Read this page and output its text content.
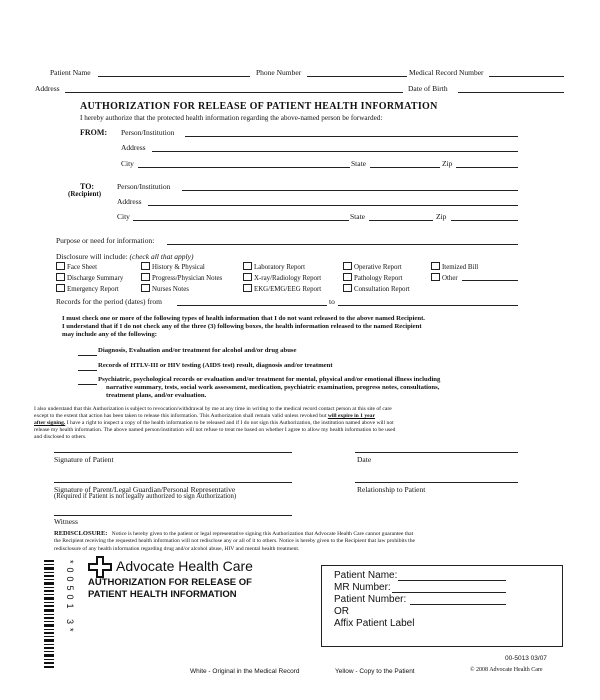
Patient Name	Phone Number	Medical Record Number
Address	Date of Birth
AUTHORIZATION FOR RELEASE OF PATIENT HEALTH INFORMATION
I hereby authorize that the protected health information regarding the above-named person be forwarded:
FROM: Person/Institution
Address
City	State	Zip
TO:
(Recipient)
Person/Institution
Address
City	State	Zip
Purpose or need for information:
Disclosure will include: (check all that apply)
Face Sheet	History & Physical	Laboratory Report	Operative Report	Itemized Bill
Discharge Summary	Progress/Physician Notes	X-ray/Radiology Report	Pathology Report	Other
Emergency Report	Nurses Notes	EKG/EMG/EEG Report	Consultation Report
Records for the period (dates) from	to
I must check one or more of the following types of health information that I do not want released to the above named Recipient.
I understand that if I do not check any of the three (3) following boxes, the health information released to the named Recipient
may include any of the following:
Diagnosis, Evaluation and/or treatment for alcohol and/or drug abuse
Records of HTLV-III or HIV testing (AIDS test) result, diagnosis and/or treatment
Psychiatric, psychological records or evaluation and/or treatment for mental, physical and/or emotional illness including
narrative summary, tests, social work assessment, medication, psychiatric examination, progress notes, consultations,
treatment plans, and/or evaluation.
I also understand that this Authorization is subject to revocation/withdrawal by me at any time in writing to the medical record contact person at this site of care
except to the extent that action has been taken to release this information. This Authorization shall remain valid unless revoked but will expire in 1 year
after signing. I have a right to inspect a copy of the health information to be released and if I do not sign this Authorization, the institution named above will not
release my health information. The above named person/institution will not refuse to treat me based on whether I agree to allow my health information to be used
and disclosed to others.
Signature of Patient	Date
Signature of Parent/Legal Guardian/Personal Representative
(Required if Patient is not legally authorized to sign Authorization)
Relationship to Patient
Witness
REDISCLOSURE: Notice is hereby given to the patient or legal representative signing this Authorization that Advocate Health Care cannot guarantee that
the Recipient receiving the requested health information will not redisclose any or all of it to others. Notice is hereby given to the Recipient that law prohibits the
redisclosure of any health information regarding drug and/or alcohol abuse, HIV and mental health treatment.
*00501 3*	Advocate Health Care
AUTHORIZATION FOR RELEASE OF
PATIENT HEALTH INFORMATION
Patient Name:
MR Number:
Patient Number:
OR
Affix Patient Label
00-5013 03/07
White - Original in the Medical Record	Yellow - Copy to the Patient	© 2008 Advocate Health Care
